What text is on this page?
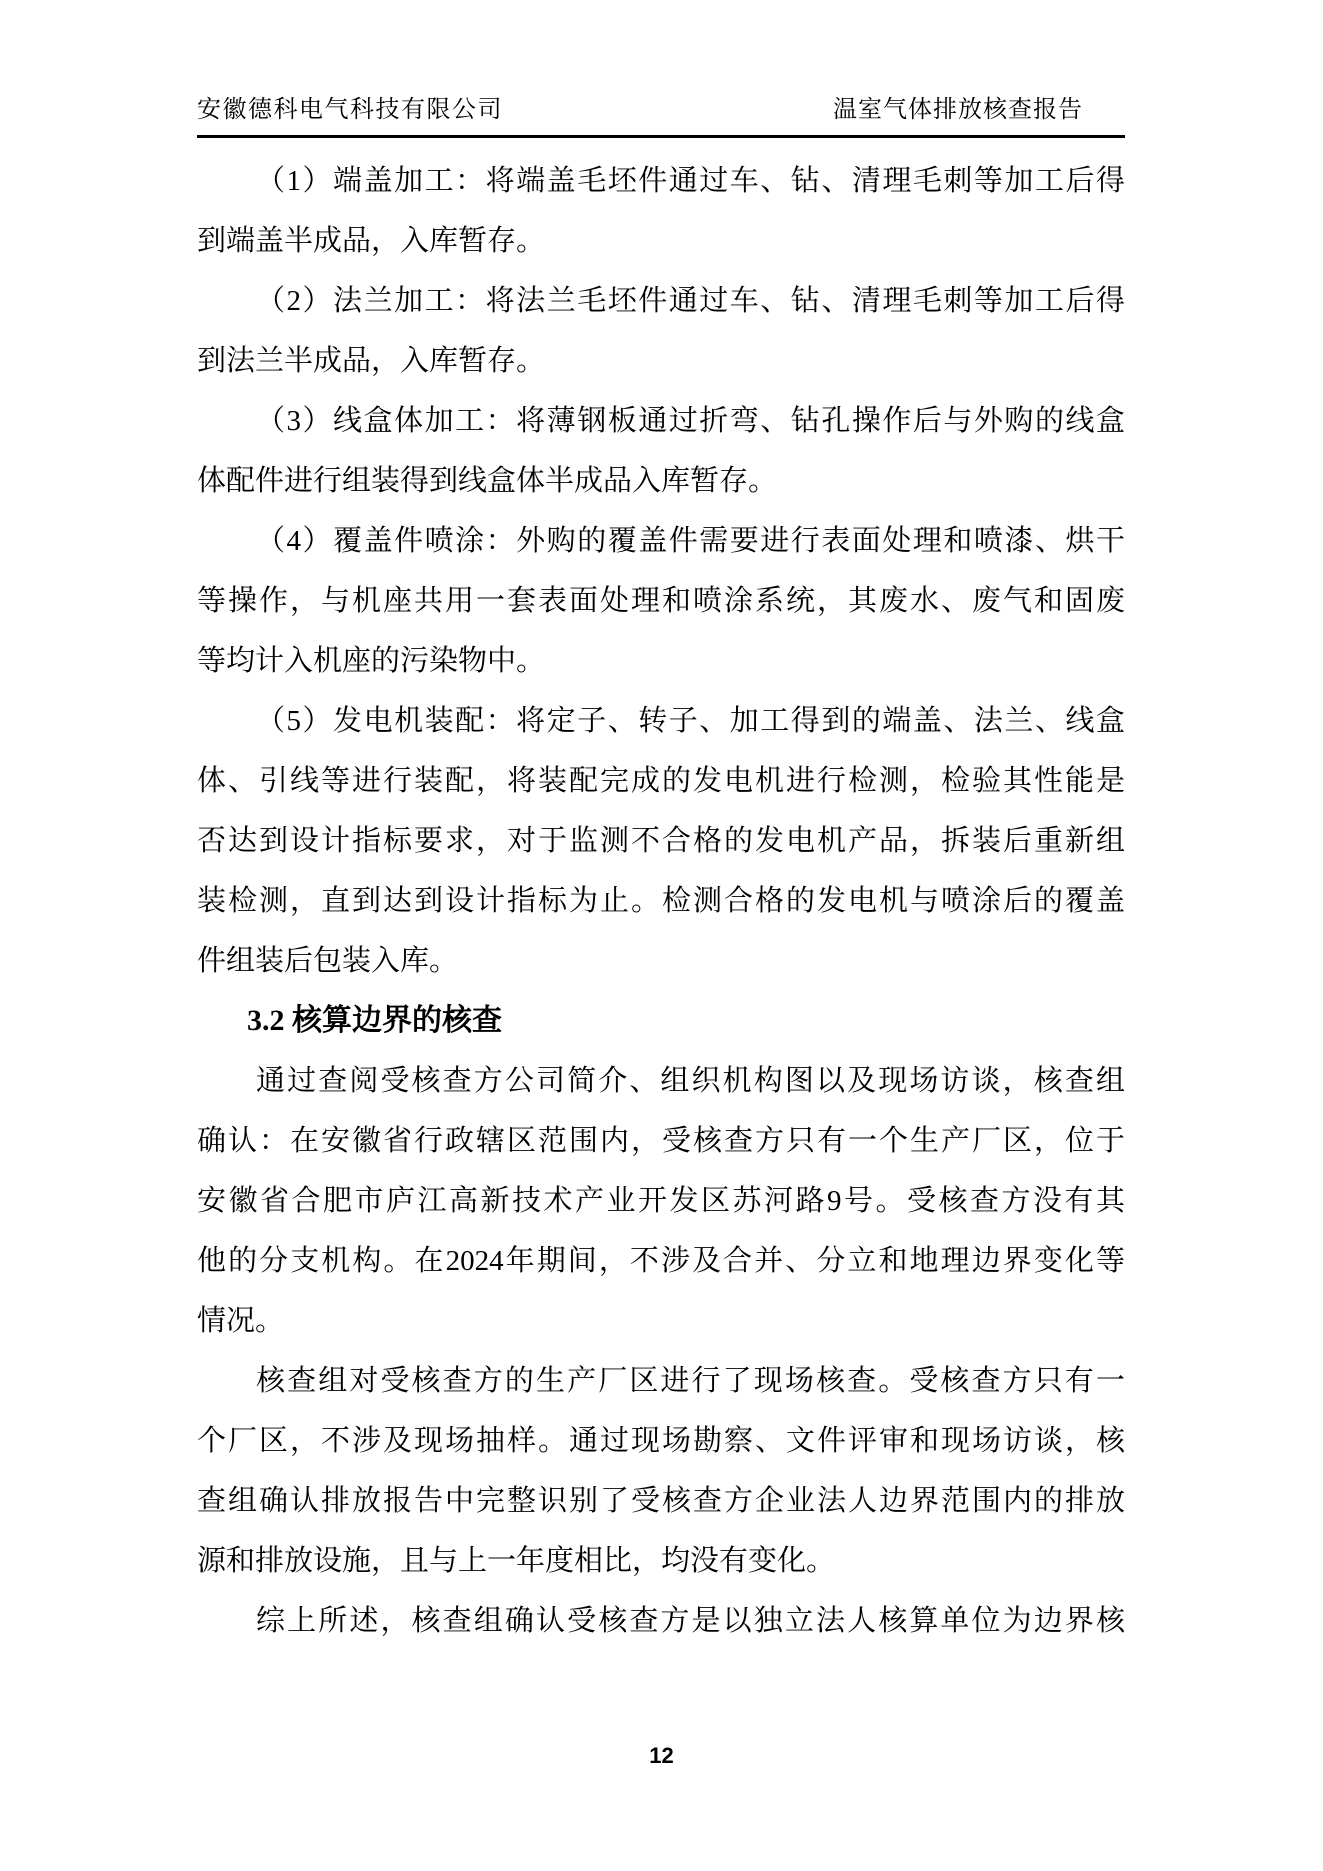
安徽德科电气科技有限公司	温室气体排放核查报告
（1）端盖加工：将端盖毛坯件通过车、钻、清理毛刺等加工后得
到端盖半成品，入库暂存。
（2）法兰加工：将法兰毛坯件通过车、钻、清理毛刺等加工后得
到法兰半成品，入库暂存。
（3）线盒体加工：将薄钢板通过折弯、钻孔操作后与外购的线盒
体配件进行组装得到线盒体半成品入库暂存。
（4）覆盖件喷涂：外购的覆盖件需要进行表面处理和喷漆、烘干
等操作，与机座共用一套表面处理和喷涂系统，其废水、废气和固废
等均计入机座的污染物中。
（5）发电机装配：将定子、转子、加工得到的端盖、法兰、线盒
体、引线等进行装配，将装配完成的发电机进行检测，检验其性能是
否达到设计指标要求，对于监测不合格的发电机产品，拆装后重新组
装检测，直到达到设计指标为止。检测合格的发电机与喷涂后的覆盖
件组装后包装入库。
3.2 核算边界的核查
通过查阅受核查方公司简介、组织机构图以及现场访谈，核查组
确认：在安徽省行政辖区范围内，受核查方只有一个生产厂区，位于
安徽省合肥市庐江高新技术产业开发区苏河路9号。受核查方没有其
他的分支机构。在2024年期间，不涉及合并、分立和地理边界变化等
情况。
核查组对受核查方的生产厂区进行了现场核查。受核查方只有一
个厂区，不涉及现场抽样。通过现场勘察、文件评审和现场访谈，核
查组确认排放报告中完整识别了受核查方企业法人边界范围内的排放
源和排放设施，且与上一年度相比，均没有变化。
综上所述，核查组确认受核查方是以独立法人核算单位为边界核
12
